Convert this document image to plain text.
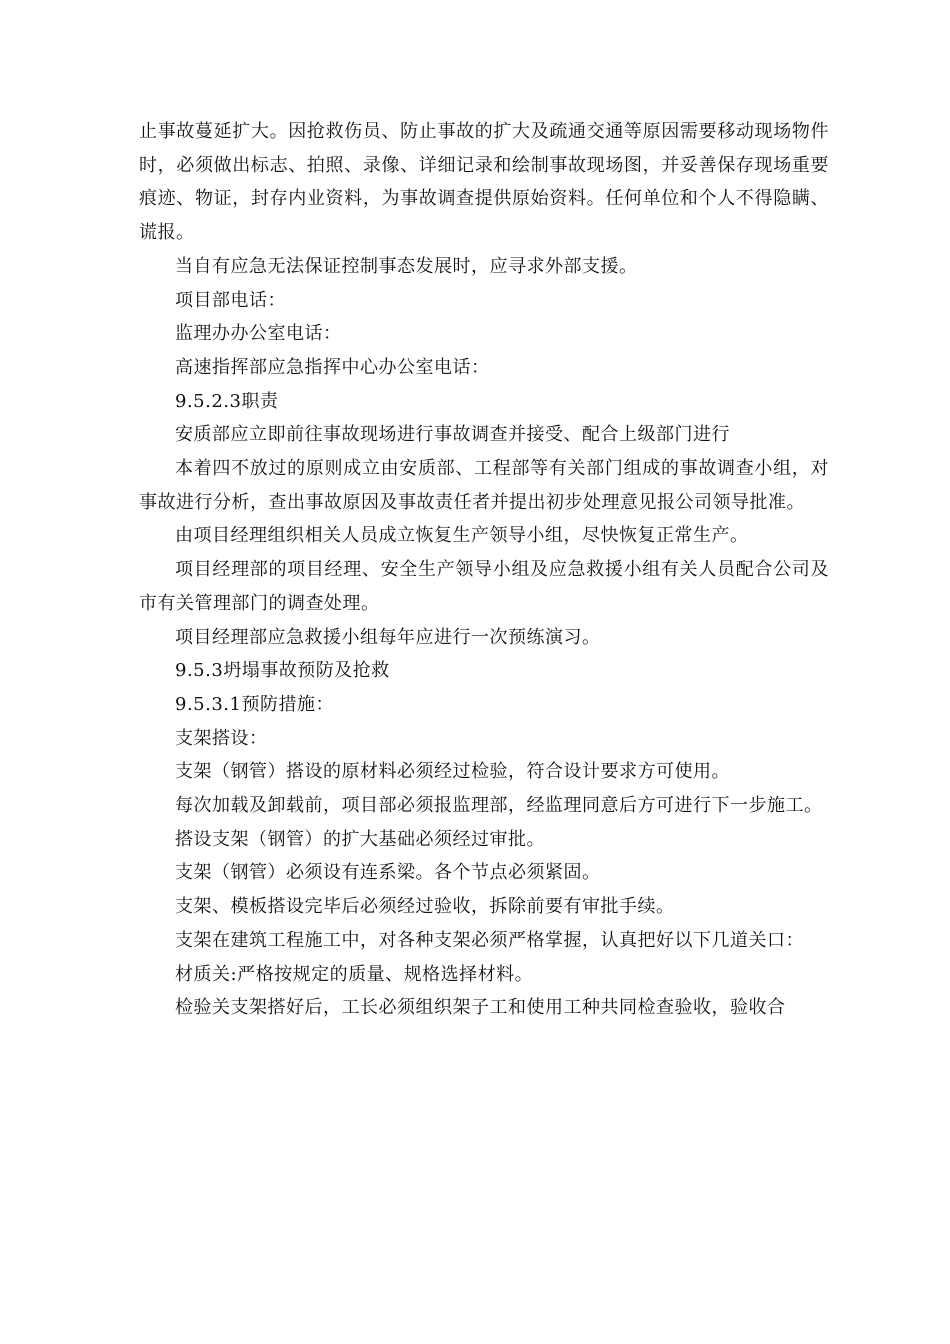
止事故蔓延扩大。因抢救伤员、防止事故的扩大及疏通交通等原因需要移动现场物件时，必须做出标志、拍照、录像、详细记录和绘制事故现场图，并妥善保存现场重要痕迹、物证，封存内业资料，为事故调查提供原始资料。任何单位和个人不得隐瞒、谎报。

当自有应急无法保证控制事态发展时，应寻求外部支援。

项目部电话：

监理办办公室电话：

高速指挥部应急指挥中心办公室电话：

9.5.2.3职责

安质部应立即前往事故现场进行事故调查并接受、配合上级部门进行

本着四不放过的原则成立由安质部、工程部等有关部门组成的事故调查小组，对事故进行分析，查出事故原因及事故责任者并提出初步处理意见报公司领导批准。

由项目经理组织相关人员成立恢复生产领导小组，尽快恢复正常生产。

项目经理部的项目经理、安全生产领导小组及应急救援小组有关人员配合公司及市有关管理部门的调查处理。

项目经理部应急救援小组每年应进行一次预练演习。

9.5.3坍塌事故预防及抢救

9.5.3.1预防措施：

支架搭设：

支架（钢管）搭设的原材料必须经过检验，符合设计要求方可使用。

每次加载及卸载前，项目部必须报监理部，经监理同意后方可进行下一步施工。

搭设支架（钢管）的扩大基础必须经过审批。

支架（钢管）必须设有连系梁。各个节点必须紧固。

支架、模板搭设完毕后必须经过验收，拆除前要有审批手续。

支架在建筑工程施工中，对各种支架必须严格掌握，认真把好以下几道关口：

材质关:严格按规定的质量、规格选择材料。

检验关支架搭好后，工长必须组织架子工和使用工种共同检查验收，验收合
